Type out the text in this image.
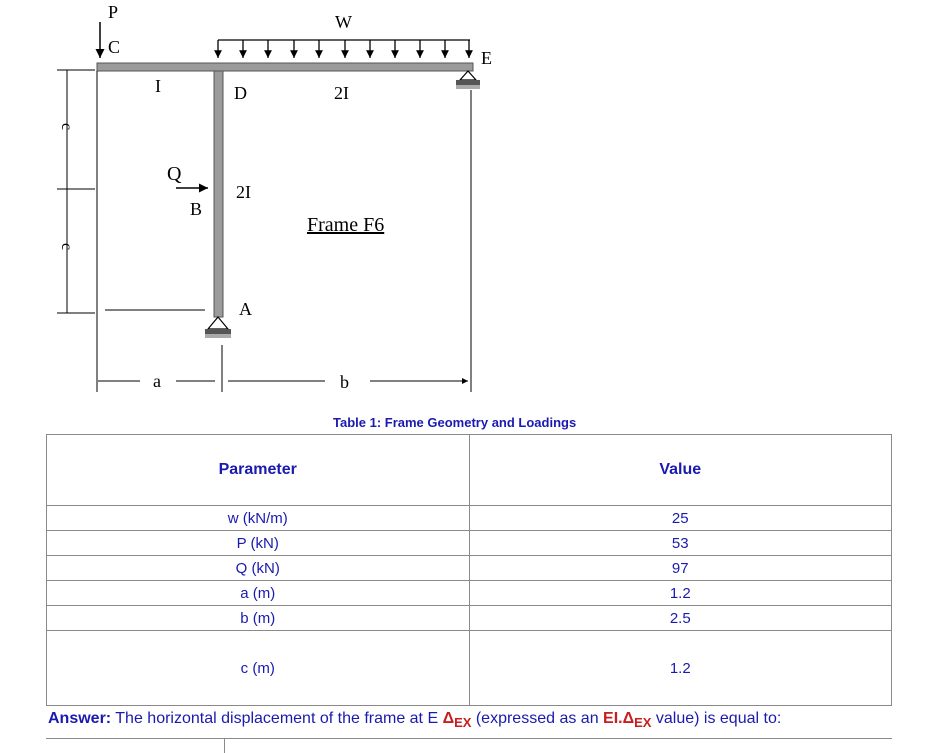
P
C
W
E
I	D	2I
Q
B
2I
A
c
c
a	b
Frame F6
Table 1: Frame Geometry and Loadings
Parameter	Value
w (kN/m)	25
P (kN)	53
Q (kN)	97
a (m)	1.2
b (m)	2.5
c (m)	1.2
Answer: The horizontal displacement of the frame at E $\Delta_{EX}$ (expressed as an $EI.\Delta_{EX}$ value) is equal to:
